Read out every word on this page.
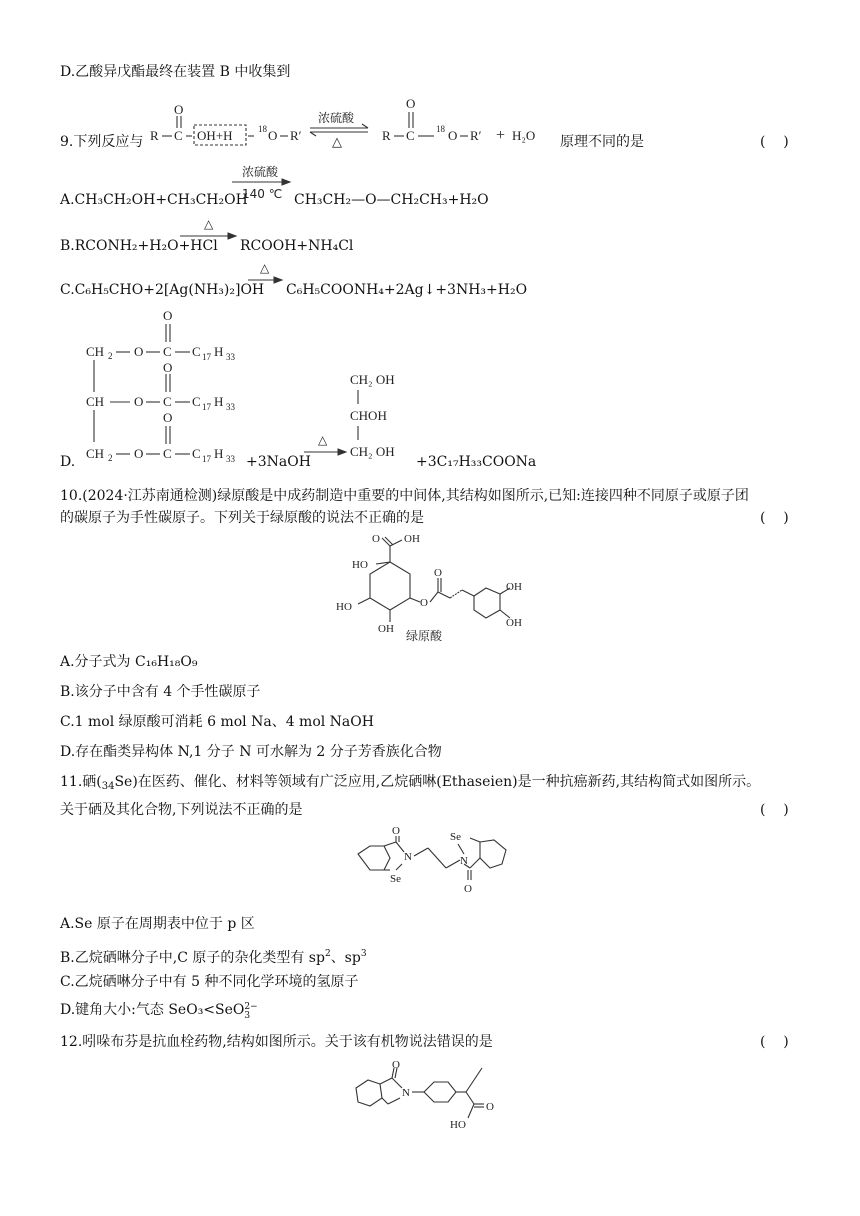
D.乙酸异戊酯最终在装置 B 中收集到
9.下列反应与 R C
O
OH+H	18 O R′
浓硫酸
△	R C
O
18 O R′ + H₂O 原理不同的是	(    )
A.CH₃CH₂OH+CH₃CH₂OH
浓硫酸
140 ℃ CH₃CH₂—O—CH₂CH₃+H₂O
B.RCONH₂+H₂O+HCl
△
RCOOH+NH₄Cl
C.C₆H₅CHO+2[Ag(NH₃)₂]OH
△
C₆H₅COONH₄+2Ag↓+3NH₃+H₂O
D.
CH 2 O C
O
C 17 H 33
CH O C
O
C 17 H 33
CH 2 O C
O
C 17 H 33 +3NaOH
△
CH₂ OH
CHOH
CH₂ OH
+3C₁₇H₃₃COONa
10.(2024·江苏南通检测)绿原酸是中成药制造中重要的中间体,其结构如图所示,已知:连接四种不同原子或原子团
的碳原子为手性碳原子。下列关于绿原酸的说法不正确的是	(    )
O OH
HO
HO
OH
O
O
OH
OH
绿原酸
A.分子式为 C₁₆H₁₈O₉
B.该分子中含有 4 个手性碳原子
C.1 mol 绿原酸可消耗 6 mol Na、4 mol NaOH
D.存在酯类异构体 N,1 分子 N 可水解为 2 分子芳香族化合物
11.硒$(_{34}Se)$在医药、催化、材料等领域有广泛应用,乙烷硒啉(Ethaseien)是一种抗癌新药,其结构简式如图所示。
关于硒及其化合物,下列说法不正确的是	(    )
O
N
Se
N
Se
O
A.Se 原子在周期表中位于 p 区
B.乙烷硒啉分子中,C 原子的杂化类型有 $sp^2$、$sp^3$
C.乙烷硒啉分子中有 5 种不同化学环境的氢原子
D.键角大小:气态 SeO₃<SeO 2−
3
12.吲哚布芬是抗血栓药物,结构如图所示。关于该有机物说法错误的是	(    )
O
N
O
HO
